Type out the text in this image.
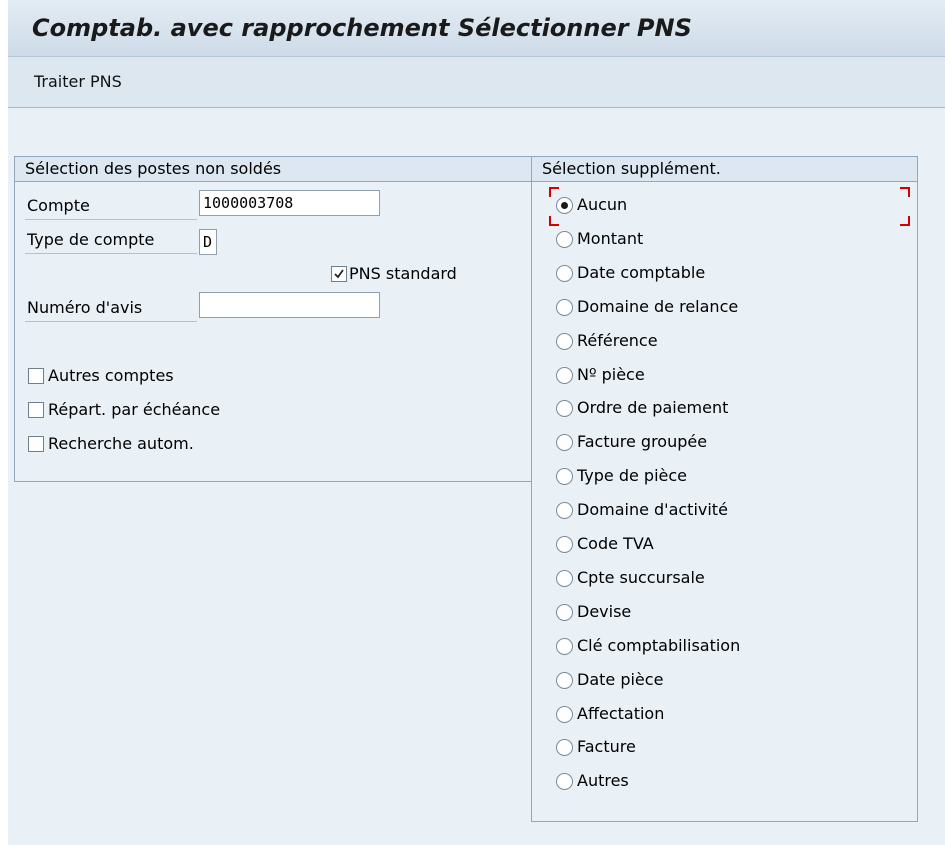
Comptab. avec rapprochement Sélectionner PNS
Traiter PNS
Sélection des postes non soldés
Compte	1000003708
Type de compte	D
PNS standard
Numéro d'avis
Autres comptes
Répart. par échéance
Recherche autom.
Sélection supplément.
Aucun
Montant
Date comptable
Domaine de relance
Référence
Nº pièce
Ordre de paiement
Facture groupée
Type de pièce
Domaine d'activité
Code TVA
Cpte succursale
Devise
Clé comptabilisation
Date pièce
Affectation
Facture
Autres
